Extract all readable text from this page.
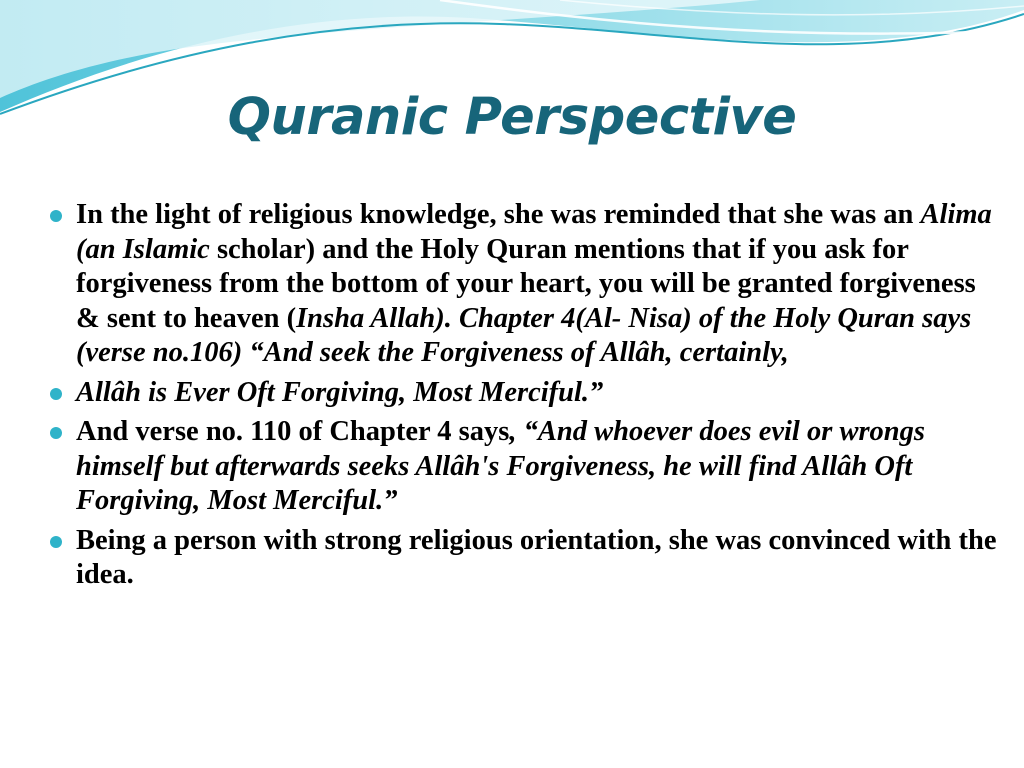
Quranic Perspective
In the light of religious knowledge, she was reminded that she was an Alima (an Islamic scholar) and the Holy Quran mentions that if you ask for forgiveness from the bottom of your heart, you will be granted forgiveness & sent to heaven (Insha Allah). Chapter 4(Al- Nisa) of the Holy Quran says (verse no.106) “And seek the Forgiveness of Allâh, certainly,
Allâh is Ever Oft Forgiving, Most Merciful.”
And verse no. 110 of Chapter 4 says, “And whoever does evil or wrongs himself but afterwards seeks Allâh's Forgiveness, he will find Allâh Oft Forgiving, Most Merciful.”
Being a person with strong religious orientation, she was convinced with the idea.
